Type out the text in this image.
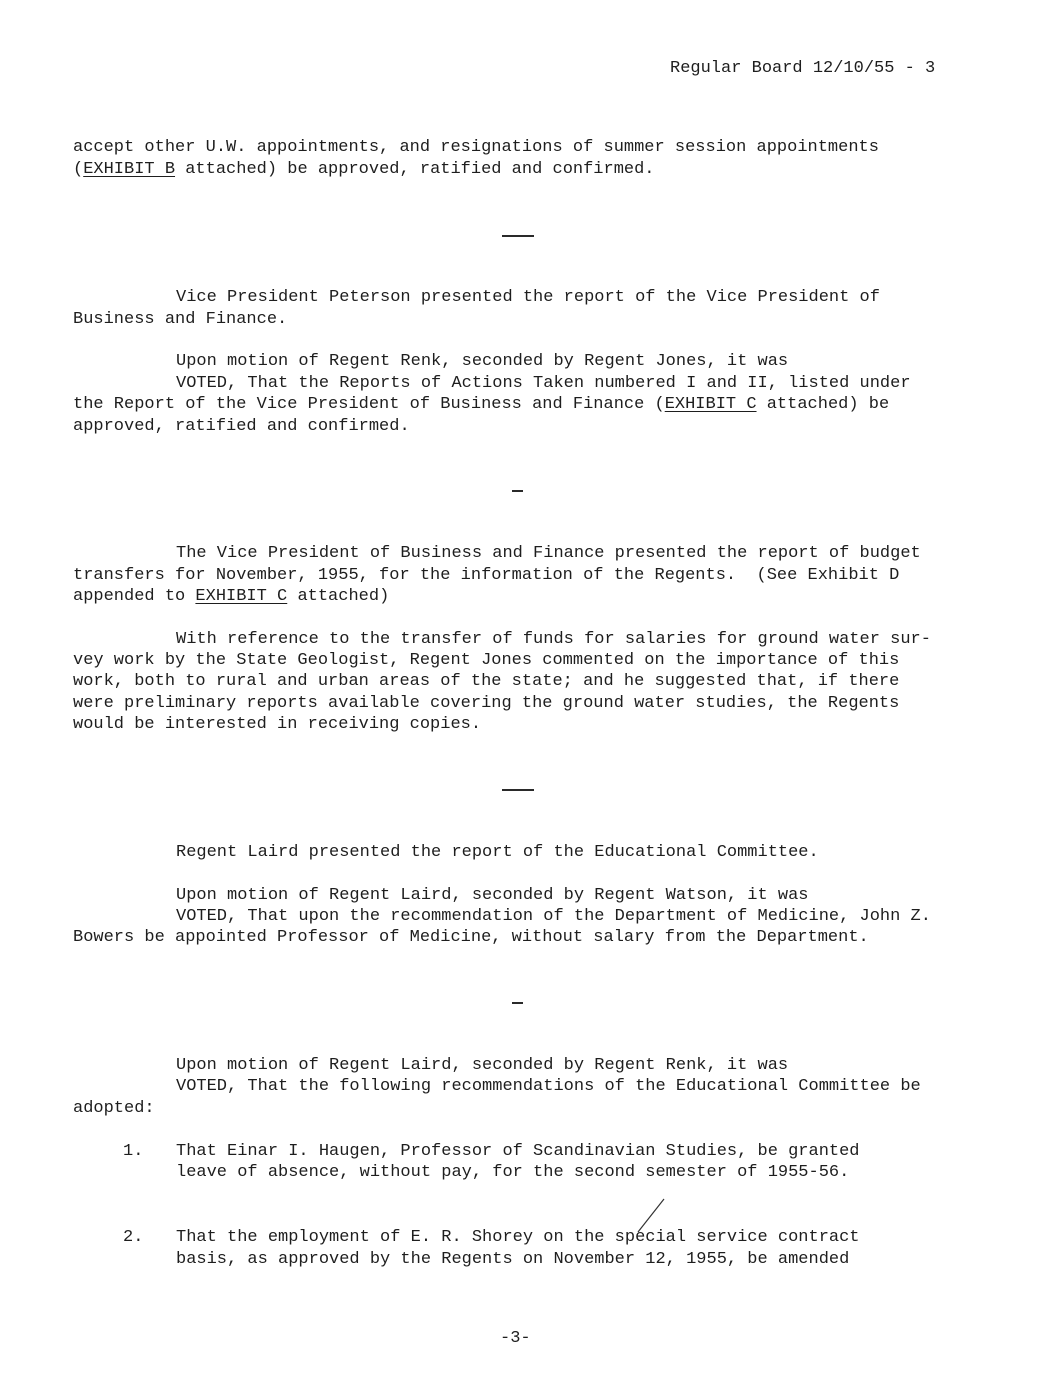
Regular Board 12/10/55 - 3

accept other U.W. appointments, and resignations of summer session appointments

(EXHIBIT B attached) be approved, ratified and confirmed.

Vice President Peterson presented the report of the Vice President of

Business and Finance.

Upon motion of Regent Renk, seconded by Regent Jones, it was

VOTED, That the Reports of Actions Taken numbered I and II, listed under

the Report of the Vice President of Business and Finance (EXHIBIT C attached) be

approved, ratified and confirmed.

The Vice President of Business and Finance presented the report of budget

transfers for November, 1955, for the information of the Regents.  (See Exhibit D

appended to EXHIBIT C attached)

With reference to the transfer of funds for salaries for ground water sur-

vey work by the State Geologist, Regent Jones commented on the importance of this

work, both to rural and urban areas of the state; and he suggested that, if there

were preliminary reports available covering the ground water studies, the Regents

would be interested in receiving copies.

Regent Laird presented the report of the Educational Committee.

Upon motion of Regent Laird, seconded by Regent Watson, it was

VOTED, That upon the recommendation of the Department of Medicine, John Z.

Bowers be appointed Professor of Medicine, without salary from the Department.

Upon motion of Regent Laird, seconded by Regent Renk, it was

VOTED, That the following recommendations of the Educational Committee be

adopted:

1. That Einar I. Haugen, Professor of Scandinavian Studies, be granted

leave of absence, without pay, for the second semester of 1955-56.

2. That the employment of E. R. Shorey on the special service contract

basis, as approved by the Regents on November 12, 1955, be amended

-3-
